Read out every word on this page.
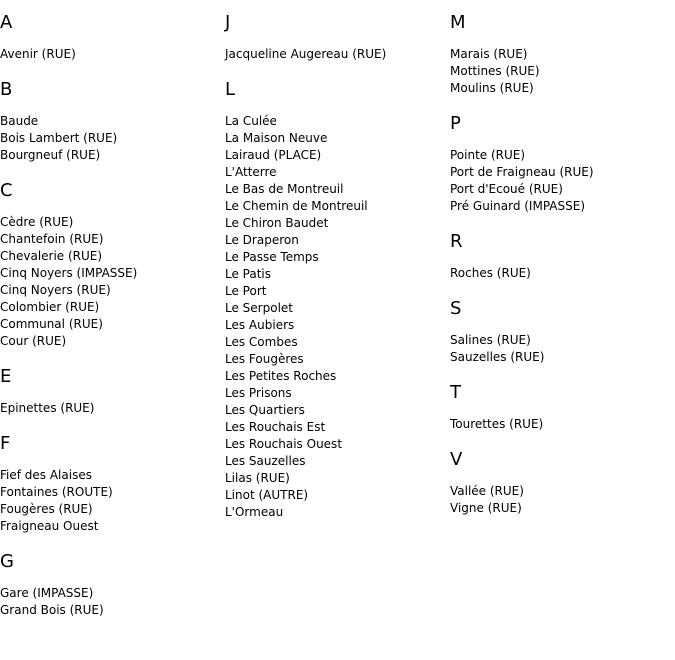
A
Avenir (RUE)
B
Baude
Bois Lambert (RUE)
Bourgneuf (RUE)
C
Cèdre (RUE)
Chantefoin (RUE)
Chevalerie (RUE)
Cinq Noyers (IMPASSE)
Cinq Noyers (RUE)
Colombier (RUE)
Communal (RUE)
Cour (RUE)
E
Epinettes (RUE)
F
Fief des Alaises
Fontaines (ROUTE)
Fougères (RUE)
Fraigneau Ouest
G
Gare (IMPASSE)
Grand Bois (RUE)
J
Jacqueline Augereau (RUE)
L
La Culée
La Maison Neuve
Lairaud (PLACE)
L'Atterre
Le Bas de Montreuil
Le Chemin de Montreuil
Le Chiron Baudet
Le Draperon
Le Passe Temps
Le Patis
Le Port
Le Serpolet
Les Aubiers
Les Combes
Les Fougères
Les Petites Roches
Les Prisons
Les Quartiers
Les Rouchais Est
Les Rouchais Ouest
Les Sauzelles
Lilas (RUE)
Linot (AUTRE)
L'Ormeau
M
Marais (RUE)
Mottines (RUE)
Moulins (RUE)
P
Pointe (RUE)
Port de Fraigneau (RUE)
Port d'Ecoué (RUE)
Pré Guinard (IMPASSE)
R
Roches (RUE)
S
Salines (RUE)
Sauzelles (RUE)
T
Tourettes (RUE)
V
Vallée (RUE)
Vigne (RUE)
